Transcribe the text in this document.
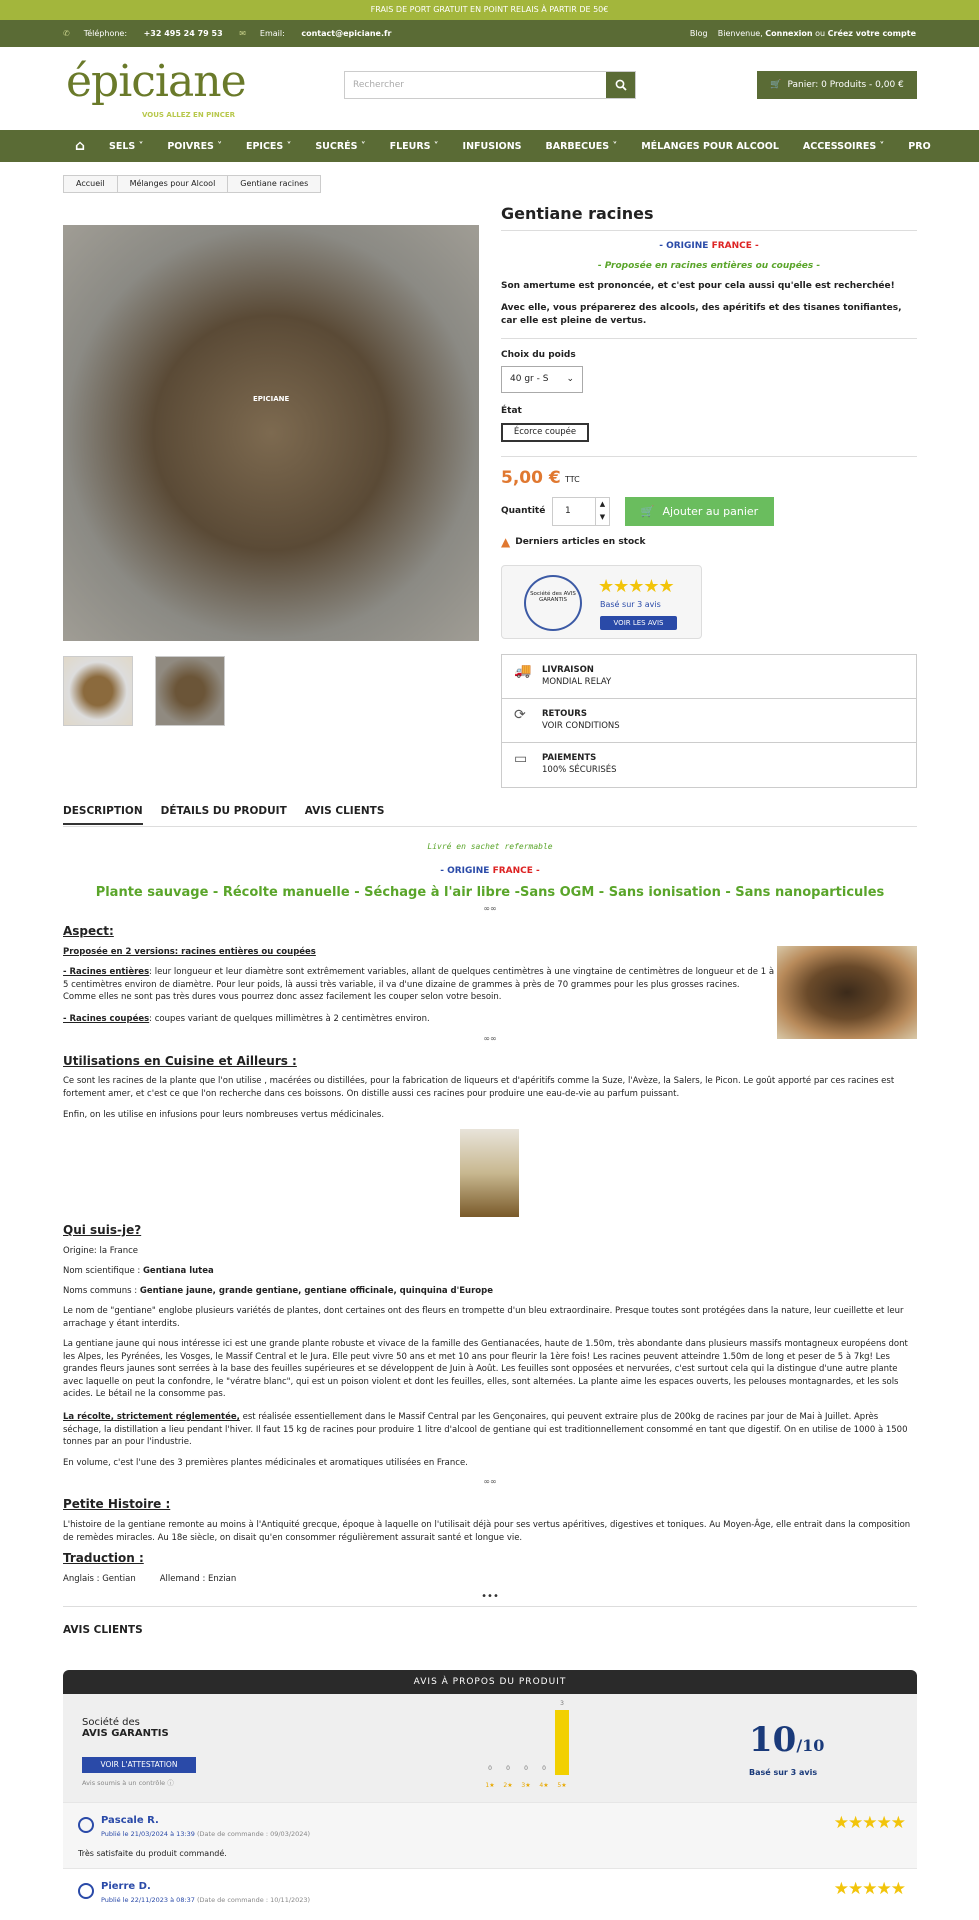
FRAIS DE PORT GRATUIT EN POINT RELAIS À PARTIR DE 50€
✆ Téléphone: +32 495 24 79 53 ✉ Email: contact@epiciane.fr	Blog Bienvenue, Connexion ou Créez votre compte
épiciane
VOUS ALLEZ EN PINCER
Rechercher	🛒 Panier: 0 Produits - 0,00 €
⌂	SELS ˅	POIVRES ˅	EPICES ˅	SUCRÉS ˅	FLEURS ˅	INFUSIONS	BARBECUES ˅	MÉLANGES POUR ALCOOL	ACCESSOIRES ˅	PRO
Accueil	Mélanges pour Alcool	Gentiane racines
EPICIANE
Gentiane racines
- ORIGINE FRANCE -
- Proposée en racines entières ou coupées -
Son amertume est prononcée, et c'est pour cela aussi qu'elle est recherchée!
Avec elle, vous préparerez des alcools, des apéritifs et des tisanes tonifiantes, car elle est pleine de vertus.
Choix du poids
40 gr - S ⌄
État
Écorce coupée
5,00 € TTC
Quantité	1
▲
▼	🛒 Ajouter au panier
▲ Derniers articles en stock
Société des AVIS GARANTIS
★★★★★
Basé sur 3 avis
VOIR LES AVIS
🚚 LIVRAISON
MONDIAL RELAY
⟳ RETOURS
VOIR CONDITIONS
▭ PAIEMENTS
100% SÉCURISÉS
DESCRIPTION DÉTAILS DU PRODUIT AVIS CLIENTS
Livré en sachet refermable
- ORIGINE FRANCE -
Plante sauvage - Récolte manuelle - Séchage à l'air libre -Sans OGM - Sans ionisation - Sans nanoparticules
∞∞
Aspect:
Proposée en 2 versions: racines entières ou coupées
- Racines entières: leur longueur et leur diamètre sont extrêmement variables, allant de quelques centimètres à une vingtaine de centimètres de longueur et de 1 à 5 centimètres environ de diamètre. Pour leur poids, là aussi très variable, il va d'une dizaine de grammes à près de 70 grammes pour les plus grosses racines. Comme elles ne sont pas très dures vous pourrez donc assez facilement les couper selon votre besoin.
- Racines coupées: coupes variant de quelques millimètres à 2 centimètres environ.
∞∞
Utilisations en Cuisine et Ailleurs :
Ce sont les racines de la plante que l'on utilise , macérées ou distillées, pour la fabrication de liqueurs et d'apéritifs comme la Suze, l'Avèze, la Salers, le Picon. Le goût apporté par ces racines est fortement amer, et c'est ce que l'on recherche dans ces boissons. On distille aussi ces racines pour produire une eau-de-vie au parfum puissant.
Enfin, on les utilise en infusions pour leurs nombreuses vertus médicinales.
Qui suis-je?
Origine: la France
Nom scientifique : Gentiana lutea
Noms communs : Gentiane jaune, grande gentiane, gentiane officinale, quinquina d'Europe
Le nom de "gentiane" englobe plusieurs variétés de plantes, dont certaines ont des fleurs en trompette d'un bleu extraordinaire. Presque toutes sont protégées dans la nature, leur cueillette et leur arrachage y étant interdits.
La gentiane jaune qui nous intéresse ici est une grande plante robuste et vivace de la famille des Gentianacées, haute de 1.50m, très abondante dans plusieurs massifs montagneux européens dont les Alpes, les Pyrénées, les Vosges, le Massif Central et le Jura. Elle peut vivre 50 ans et met 10 ans pour fleurir la 1ère fois! Les racines peuvent atteindre 1.50m de long et peser de 5 à 7kg! Les grandes fleurs jaunes sont serrées à la base des feuilles supérieures et se développent de Juin à Août. Les feuilles sont opposées et nervurées, c'est surtout cela qui la distingue d'une autre plante avec laquelle on peut la confondre, le "vératre blanc", qui est un poison violent et dont les feuilles, elles, sont alternées. La plante aime les espaces ouverts, les pelouses montagnardes, et les sols acides. Le bétail ne la consomme pas.
La récolte, strictement réglementée, est réalisée essentiellement dans le Massif Central par les Gençonaires, qui peuvent extraire plus de 200kg de racines par jour de Mai à Juillet. Après séchage, la distillation a lieu pendant l'hiver. Il faut 15 kg de racines pour produire 1 litre d'alcool de gentiane qui est traditionnellement consommé en tant que digestif. On en utilise de 1000 à 1500 tonnes par an pour l'industrie.
En volume, c'est l'une des 3 premières plantes médicinales et aromatiques utilisées en France.
∞∞
Petite Histoire :
L'histoire de la gentiane remonte au moins à l'Antiquité grecque, époque à laquelle on l'utilisait déjà pour ses vertus apéritives, digestives et toniques. Au Moyen-Âge, elle entrait dans la composition de remèdes miracles. Au 18e siècle, on disait qu'en consommer régulièrement assurait santé et longue vie.
Traduction :
Anglais : Gentian	Allemand : Enzian
•••
AVIS CLIENTS
AVIS À PROPOS DU PRODUIT
Société des
AVIS GARANTIS
VOIR L'ATTESTATION
Avis soumis à un contrôle ⓘ
0
1★
0
2★
0
3★
0
4★
3
5★
10/10
Basé sur 3 avis
Pascale R.
Publié le 21/03/2024 à 13:39 (Date de commande : 09/03/2024)
Très satisfaite du produit commandé.
★★★★★
Pierre D.
Publié le 22/11/2023 à 08:37 (Date de commande : 10/11/2023)
★★★★★
